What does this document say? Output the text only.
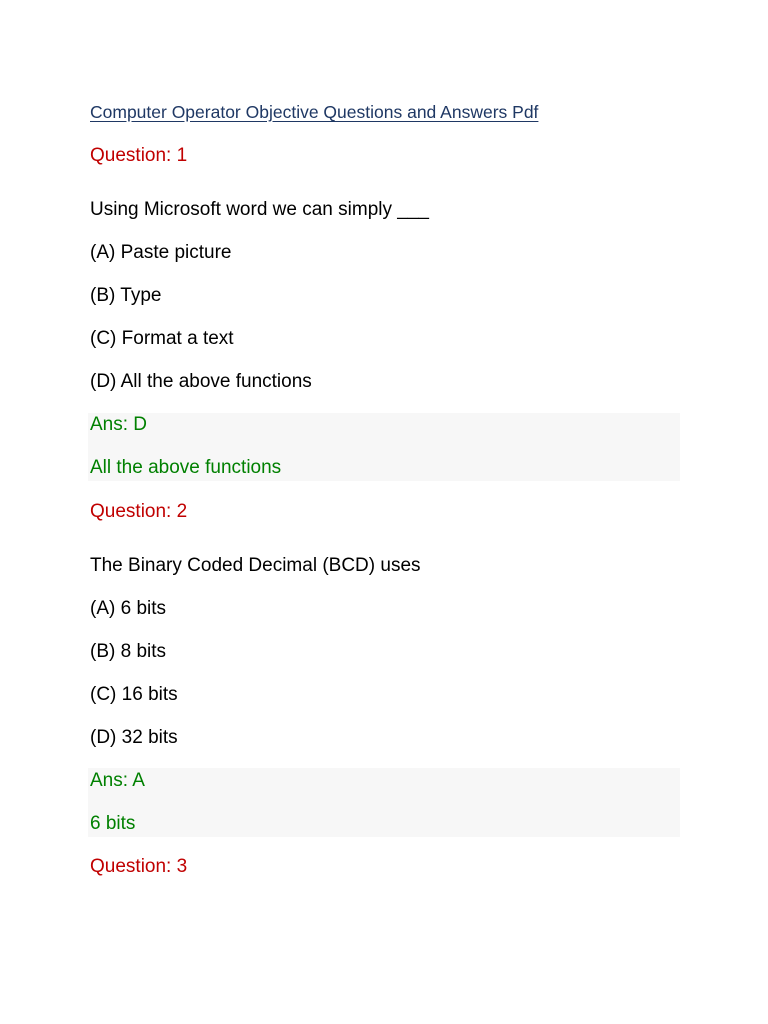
Computer Operator Objective Questions and Answers Pdf
Question: 1
Using Microsoft word we can simply ___
(A) Paste picture
(B) Type
(C) Format a text
(D) All the above functions
Ans: D
All the above functions
Question: 2
The Binary Coded Decimal (BCD) uses
(A) 6 bits
(B) 8 bits
(C) 16 bits
(D) 32 bits
Ans: A
6 bits
Question: 3
